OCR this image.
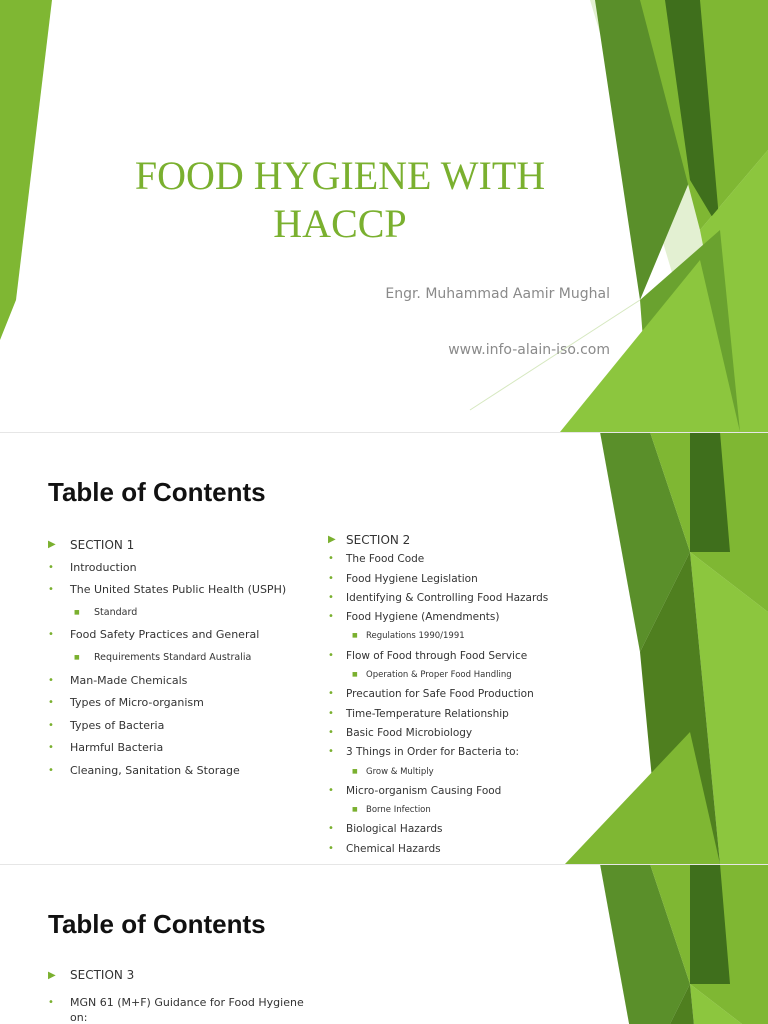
FOOD HYGIENE WITH
HACCP

Engr. Muhammad Aamir Mughal

www.info-alain-iso.com

Table of Contents
▶ SECTION 1
• Introduction
• The United States Public Health (USPH)
■ Standard
• Food Safety Practices and General
■ Requirements Standard Australia
• Man-Made Chemicals
• Types of Micro-organism
• Types of Bacteria
• Harmful Bacteria
• Cleaning, Sanitation & Storage
▶ SECTION 2
• The Food Code
• Food Hygiene Legislation
• Identifying & Controlling Food Hazards
• Food Hygiene (Amendments)
■ Regulations 1990/1991
• Flow of Food through Food Service
■ Operation & Proper Food Handling
• Precaution for Safe Food Production
• Time-Temperature Relationship
• Basic Food Microbiology
• 3 Things in Order for Bacteria to:
■ Grow & Multiply
• Micro-organism Causing Food
■ Borne Infection
• Biological Hazards
• Chemical Hazards
Table of Contents
▶ SECTION 3
• MGN 61 (M+F) Guidance for Food Hygiene on:
